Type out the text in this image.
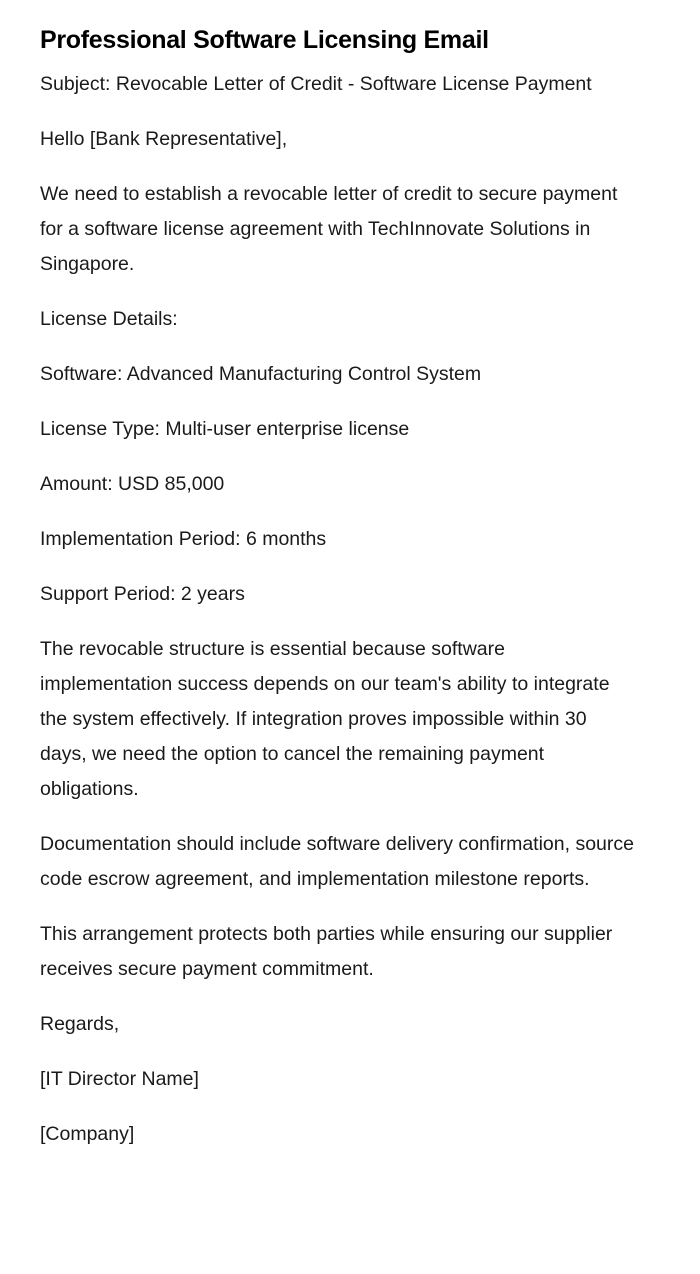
Professional Software Licensing Email

Subject: Revocable Letter of Credit - Software License Payment

Hello [Bank Representative],

We need to establish a revocable letter of credit to secure payment for a software license agreement with TechInnovate Solutions in Singapore.

License Details:

Software: Advanced Manufacturing Control System

License Type: Multi-user enterprise license

Amount: USD 85,000

Implementation Period: 6 months

Support Period: 2 years

The revocable structure is essential because software implementation success depends on our team's ability to integrate the system effectively. If integration proves impossible within 30 days, we need the option to cancel the remaining payment obligations.

Documentation should include software delivery confirmation, source code escrow agreement, and implementation milestone reports.

This arrangement protects both parties while ensuring our supplier receives secure payment commitment.

Regards,

[IT Director Name]

[Company]
